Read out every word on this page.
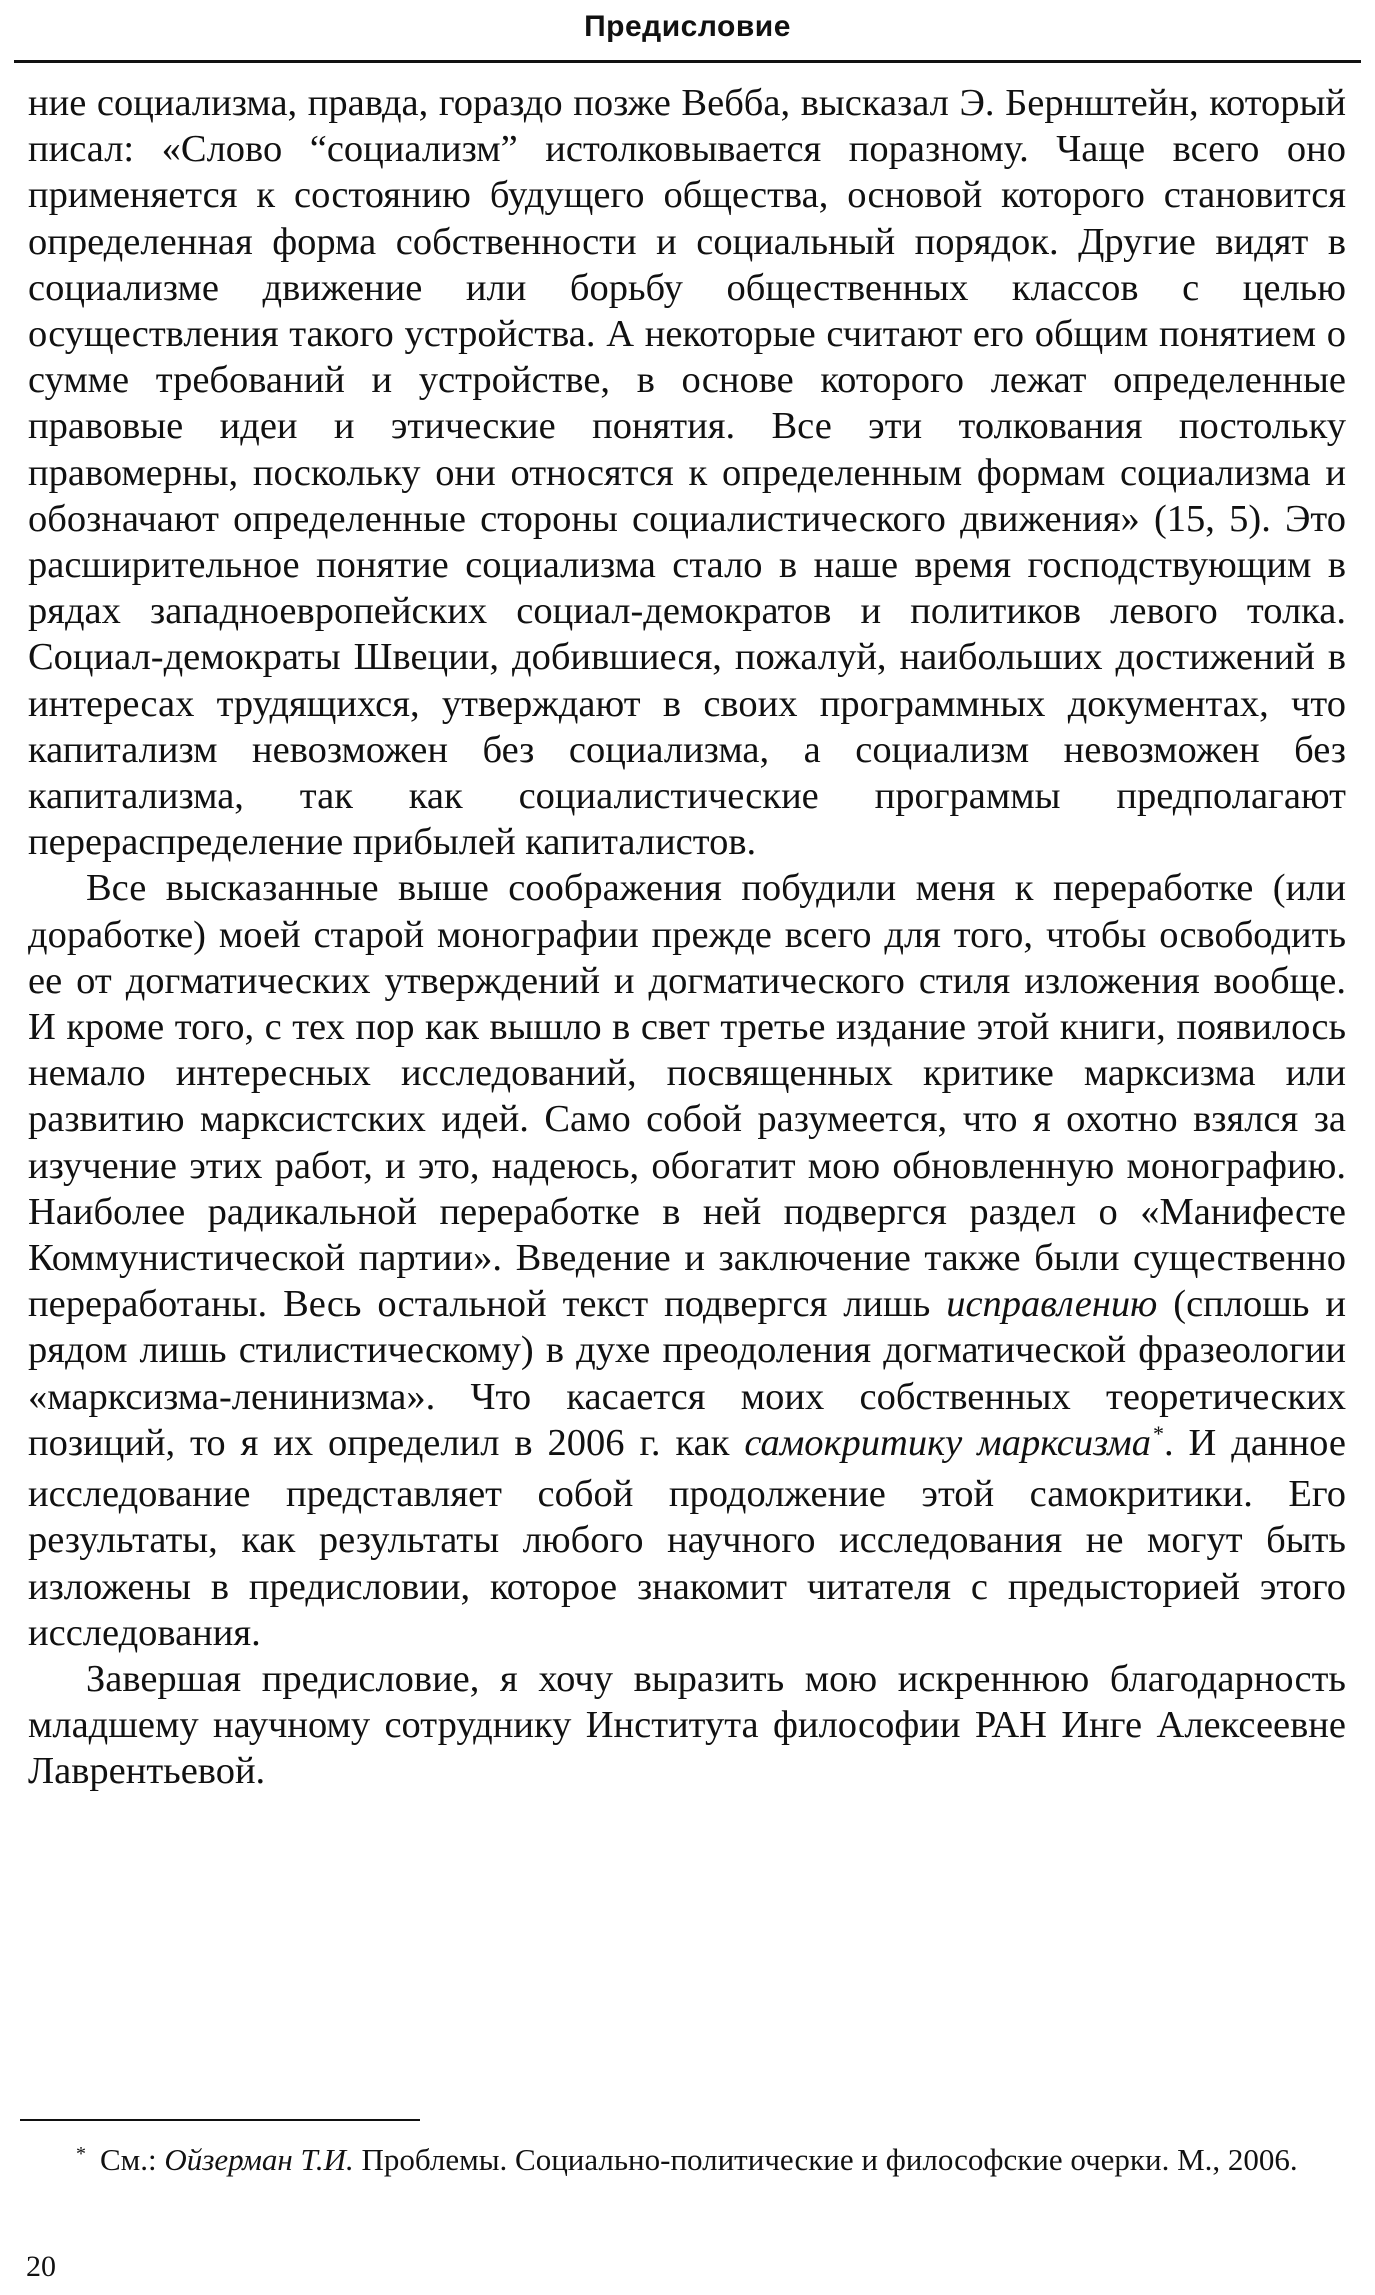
Предисловие

ние социализма, правда, гораздо позже Вебба, высказал Э. Бернштейн, который писал: «Слово “социализм” истолковывается поразному. Чаще всего оно применяется к состоянию будущего общества, основой которого становится определенная форма собственности и социальный порядок. Другие видят в социализме движение или борьбу общественных классов с целью осуществления такого устройства. А некоторые считают его общим понятием о сумме требований и устройстве, в основе которого лежат определенные правовые идеи и этические понятия. Все эти толкования постольку правомерны, поскольку они относятся к определенным формам социализма и обозначают определенные стороны социалистического движения» (15, 5). Это расширительное понятие социализма стало в наше время господствующим в рядах западноевропейских социал-демократов и политиков левого толка. Социал-демократы Швеции, добившиеся, пожалуй, наибольших достижений в интересах трудящихся, утверждают в своих программных документах, что капитализм невозможен без социализма, а социализм невозможен без капитализма, так как социалистические программы предполагают перераспределение прибылей капиталистов.

Все высказанные выше соображения побудили меня к переработке (или доработке) моей старой монографии прежде всего для того, чтобы освободить ее от догматических утверждений и догматического стиля изложения вообще. И кроме того, с тех пор как вышло в свет третье издание этой книги, появилось немало интересных исследований, посвященных критике марксизма или развитию марксистских идей. Само собой разумеется, что я охотно взялся за изучение этих работ, и это, надеюсь, обогатит мою обновленную монографию. Наиболее радикальной переработке в ней подвергся раздел о «Манифесте Коммунистической партии». Введение и заключение также были существенно переработаны. Весь остальной текст подвергся лишь исправлению (сплошь и рядом лишь стилистическому) в духе преодоления догматической фразеологии «марксизма-ленинизма». Что касается моих собственных теоретических позиций, то я их определил в 2006 г. как самокритику марксизма*. И данное исследование представляет собой продолжение этой самокритики. Его результаты, как результаты любого научного исследования не могут быть изложены в предисловии, которое знакомит читателя с предысторией этого исследования.

Завершая предисловие, я хочу выразить мою искреннюю благодарность младшему научному сотруднику Института философии РАН Инге Алексеевне Лаврентьевой.

* См.: Ойзерман Т.И. Проблемы. Социально-политические и философские очерки. М., 2006.
20
